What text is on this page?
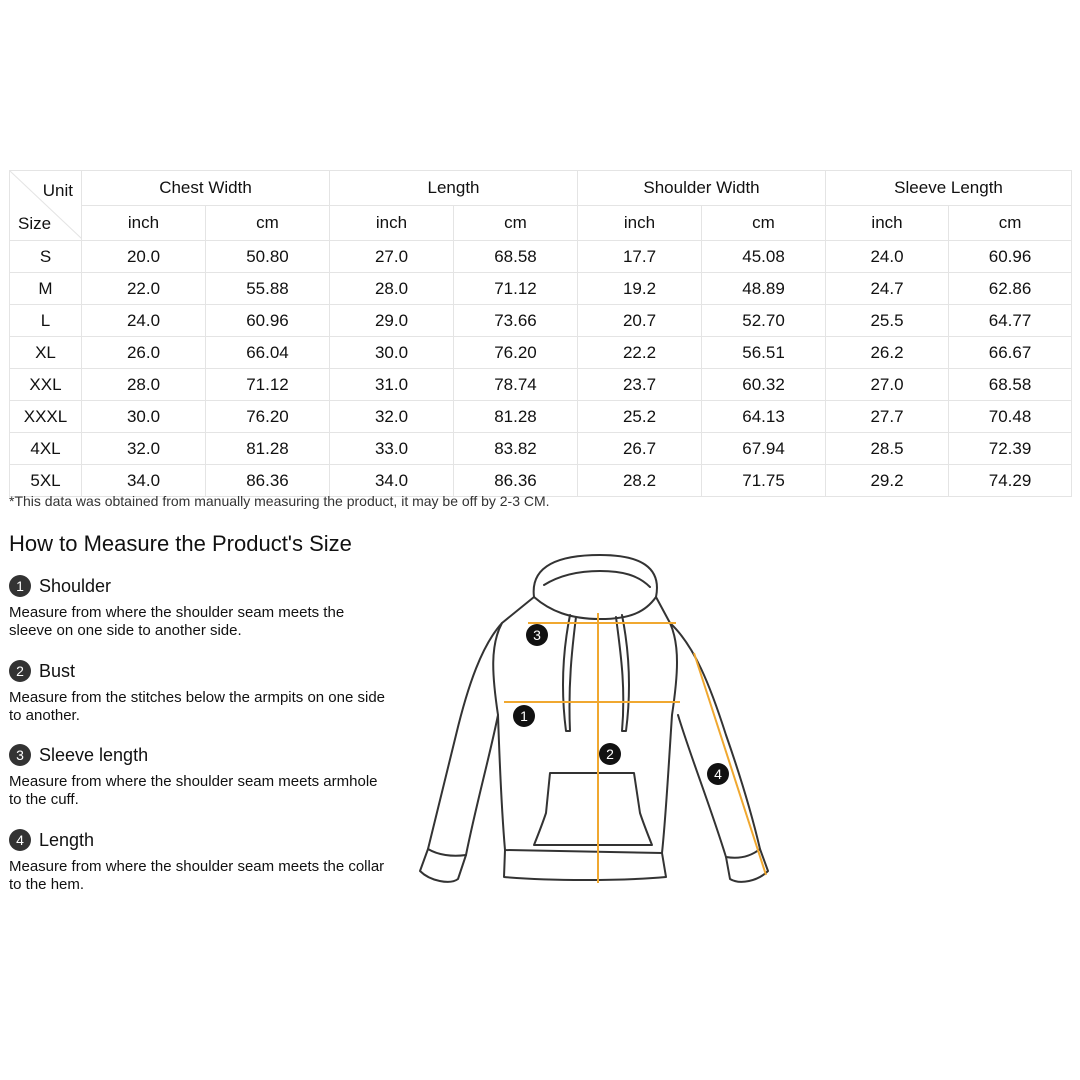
Unit
Size	Chest Width		Length		Shoulder Width		Sleeve Length	
	inch	cm	inch	cm	inch	cm	inch	cm
S	20.0	50.80	27.0	68.58	17.7	45.08	24.0	60.96
M	22.0	55.88	28.0	71.12	19.2	48.89	24.7	62.86
L	24.0	60.96	29.0	73.66	20.7	52.70	25.5	64.77
XL	26.0	66.04	30.0	76.20	22.2	56.51	26.2	66.67
XXL	28.0	71.12	31.0	78.74	23.7	60.32	27.0	68.58
XXXL	30.0	76.20	32.0	81.28	25.2	64.13	27.7	70.48
4XL	32.0	81.28	33.0	83.82	26.7	67.94	28.5	72.39
5XL	34.0	86.36	34.0	86.36	28.2	71.75	29.2	74.29
*This data was obtained from manually measuring the product, it may be off by 2-3 CM.
How to Measure the Product's Size
1 Shoulder
Measure from where the shoulder seam meets the sleeve on one side to another side.
2 Bust
Measure from the stitches below the armpits on one side to another.
3 Sleeve length
Measure from where the shoulder seam meets armhole to the cuff.
4 Length
Measure from where the shoulder seam meets the collar to the hem.
3
1
2
4
